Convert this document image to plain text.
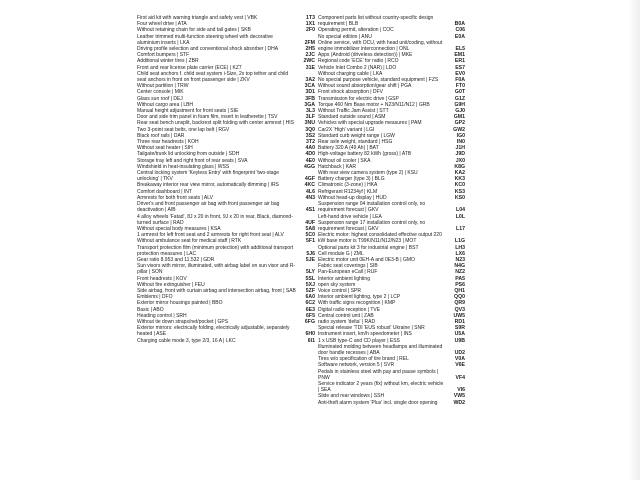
First aid kit with warning triangle and safety vest | VBK	1T3
Four wheel drive | ATA	1X1
Without retaining chain for side and tail gates | SKB	2F0
Leather trimmed multi-function steering wheel with decorative aluminium inserts | LKA	2FM
Driving profile selection and conventional shock absorber | DHA	2H5
Comfort bumpers | STF	2JC
Additional winter tires | ZBR	2WC
Front and rear license plate carrier (ECE) | KZ7	31E
Child seat anchors f. child seat system i-Size, 2x top tether and child seat anchors in front on front passenger side | ZKV	3A2
Without partition | TRW	3CA
Center console | MIK	3D1
Glass sun roof | DEJ	3FB
Without cargo area | LBH	3GA
Manual height adjustment for front seats | SIE	3L3
Door and side trim panel in foam film, insert in leatherette | TSV	3LF
Rear seat bench unsplit, backrest split folding with center armrest | HIS	3NU
Two 3-point seat belts, one lap belt | RGV	3Q0
Black roof rails | DAR	3S2
Three rear headrests | KOH	3T2
Without seat heater | SIH	4A0
Tailgate/trunk lid unlocking from outside | SDH	4D0
Storage tray left and right front of rear seats | SVA	4E0
Windshield in heat-insulating glass | WSS	4GG
Central locking system 'Keyless Entry' with fingerprint 'two-stage unlocking' | TKV	4GF
Breakaway interior rear view mirror, automatically dimming | IRS	4KC
Comfort dashboard | INT	4L6
Armrests for both front seats | ALV	4N3
Driver's and front passenger air bag with front passenger air bag deactivation | AIB	4S1
4 alloy wheels 'Fatad', 8J x 20 in front, 9J x 20 in rear, Black, diamond-turned surface | RAD	4UF
Without special body measures | KSA	5A8
1 armrest for left front seat and 2 armrests for right front seat | ALV	5C0
Without ambulance seat for medical staff | RTK	5F1
Transport protection film (minimum protection) with additional transport protection measures | LAC	5J6
Gear ratio 8.953 and 11.532 | GDR	5JE
Sun visors with mirror, illuminated, with airbag label on sun visor and R-pillar | SON	5LY
Front headrests | KOV	5SL
Without fire extinguisher | FEU	5XJ
Side airbag, front with curtain airbag and intersection airbag, front | SAB	5ZF
Emblems | DFO	6A0
Exterior mirror housings painted | BBO	6C2
Basic | ABO	6E3
Heading control | SRH	6F5
Without tie down straps/net/pocket | GPS	6FG
Exterior mirrors: electrically folding, electrically adjustable, separately heated | ASE	6H0
Charging cable mode 3, type 2/3, 16 A | LKC	6I1
Component parts list without country-specific design requirement | BLB	B0A
Operating permit, alteration | COC	C06
No special edition | ANU	E0A
Online service, with OCU, with head unit/coding, without engine immobilizer interconnection | ONL	EL5
Apps (Android (driveless detection)) | MKE	EM1
Regional code 'ECE' for radio | RCO	ER1
Vehicle Inlet Combo 2 (NAR) | LDO	ES7
Without charging cable | LKA	EV0
No special purpose vehicle, standard equipment | FZS	F0A
Without sound absorption/gear shift | PGA	FT0
Front shock absorption | DFV	G0T
Transmission for electric drive | GSP	G1Z
Torque 460 Nm Base motor + N23/N11/N12 | GRB	G9H
Without Traffic Jam Assist | STT	GJ0
Standard outside sound | ASM	GM1
Vehicles with special upgrade measures | PAM	GP2
Car2X 'High' variant | LGI	GW2
Standard curb weight range | LGW	IG0
Rear axle weight, standard | HSG	IN0
Battery 320 A (49 Ah) | BAT	J1H
High-voltage battery 82 kWh (gross) | ATB	J9D
Without oil cooler | SKA	JX0
Hatchback | KAR	K8G
With rear view camera system (type 2) | KSU	KA2
Battery charger (type 3) | BLG	KK3
Climatronic (3-zone) | HKA	KC0
Refrigerant R1234yf | KLM	KS3
Without head-up display | HUD	KS0
Suspension range 04 installation control only, no requirement forecast | GKV	L04
Left-hand drive vehicle | LEA	L0L
Suspension range 17 installation control only, no requirement forecast | GKV	L17
Electric motor: highest consolidated effective output 220 kW base motor is T99K/N11/N12/N23 | MOT	L1G
Optional parts kit 3 for industrial engine | BST	LH3
Cell module G | ZML	LX6
Electric motor unit 0EH-A and 0E3-B | GMO	N23
Fabric seat coverings | SIB	N4G
Pan-European eCall | RUF	NZ2
Interior ambient lighting	PA5
open sky system	PS6
Voice control | SPR	QH1
Interior ambient lighting, type 2 | LCP	QQ0
With traffic signs recognition | KMP	QR9
Digital radio reception | TVE	QV3
Central control unit | ZAB	UW5
radio system 'delta' | RAD	RD1
Special release 'TDI 'EUS robust' Ukraine | SNR	S9R
Instrument insert, km/h speedometer | INS	U5A
1 x USB type-C and CD player | ESS	U9B
Illuminated molding between headlamps and illuminated door handle recesses | ABA	UD2
Tires w/o specification of tire brand | REL	V0A
Software network, version 5 | SVR	V6E
Pedals in stainless steel with pay and pause symbols | PNW	VF4
Service indicator 2 years (fix) without km, electric vehicle | SEA	VI6
Slide and rear windows | SSH	VW5
Anti-theft alarm system 'Plus' incl. single door opening	WD2
